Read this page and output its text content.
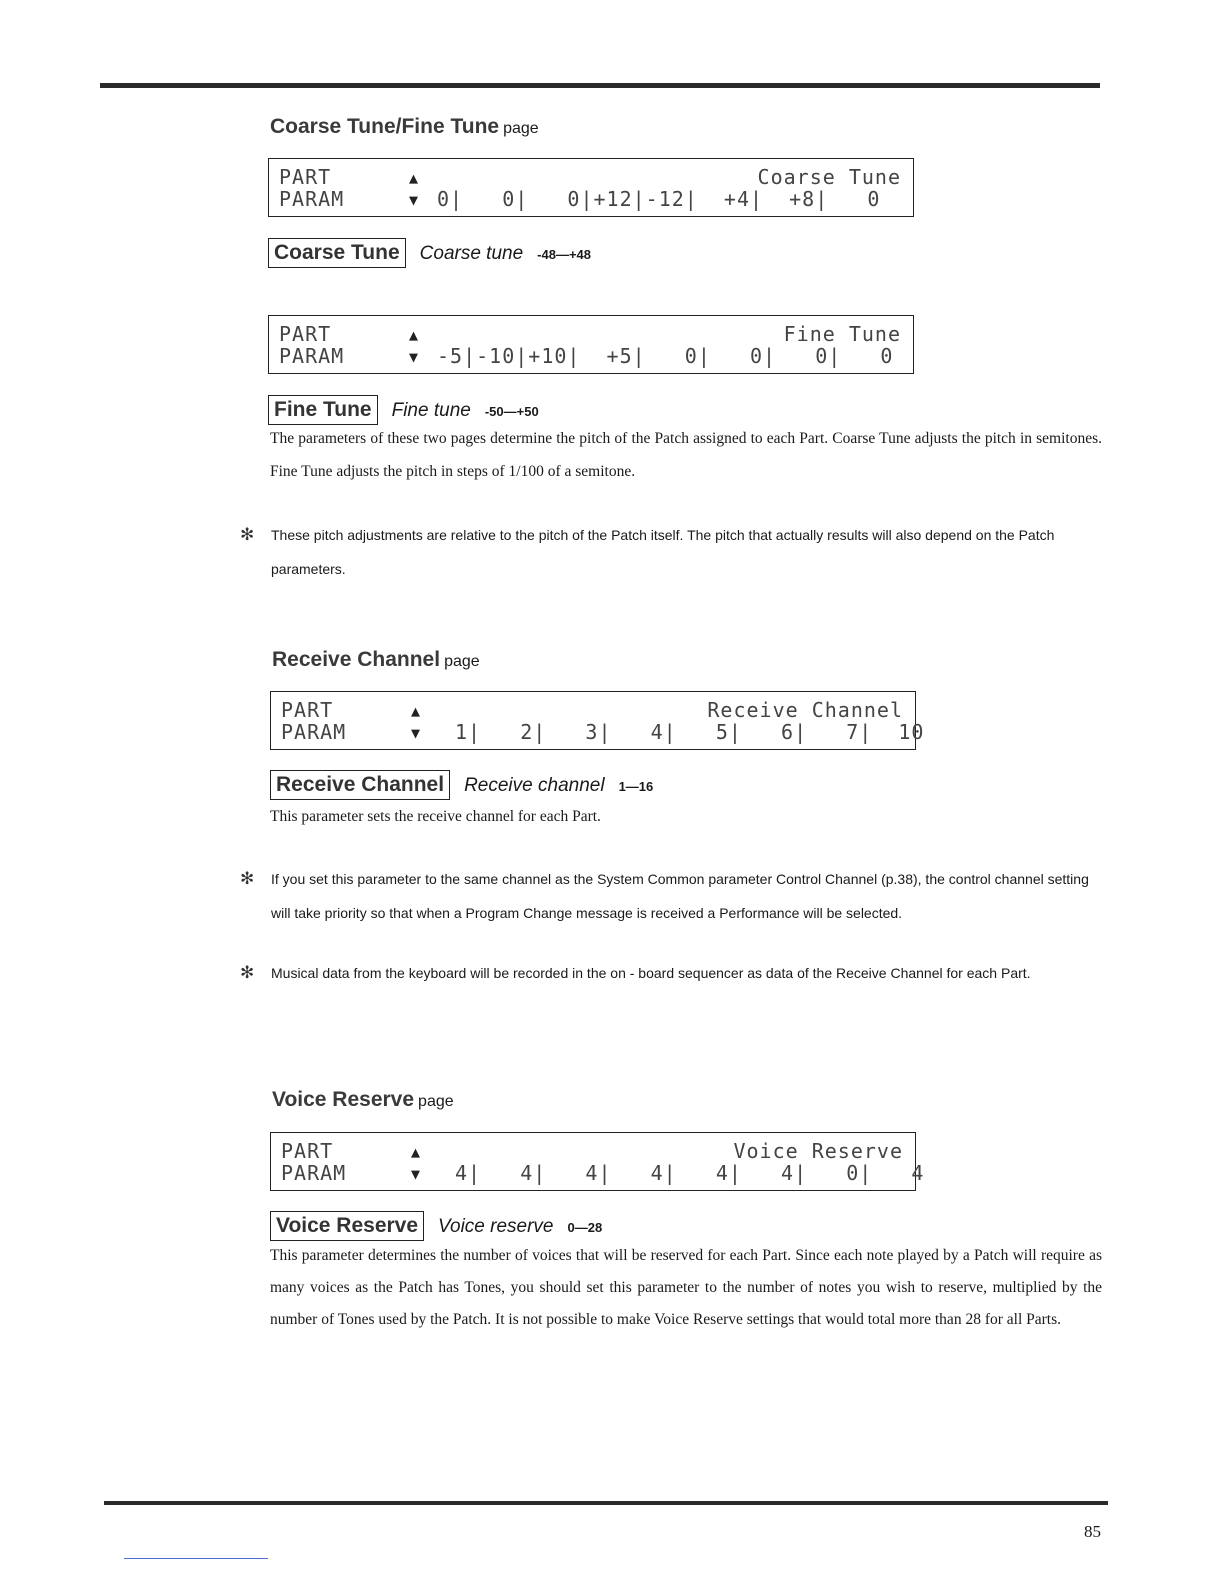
Coarse Tune/Fine Tune page
PART	▲	Coarse Tune
PARAM	▼ 0|   0|   0|+12|-12|  +4|  +8|   0
Coarse Tune	Coarse tune -48—+48
PART	▲	Fine Tune
PARAM	▼ -5|-10|+10|  +5|   0|   0|   0|   0
Fine Tune	Fine tune -50—+50
The parameters of these two pages determine the pitch of the Patch assigned to each Part. Coarse Tune adjusts the pitch in semitones. Fine Tune adjusts the pitch in steps of 1/100 of a semitone.
✻ These pitch adjustments are relative to the pitch of the Patch itself. The pitch that actually results will also depend on the Patch parameters.
Receive Channel page
PART	▲	Receive Channel
PARAM	▼ 1|   2|   3|   4|   5|   6|   7|  10
Receive Channel	Receive channel 1—16
This parameter sets the receive channel for each Part.
✻ If you set this parameter to the same channel as the System Common parameter Control Channel (p.38), the control channel setting will take priority so that when a Program Change message is received a Performance will be selected.
✻ Musical data from the keyboard will be recorded in the on - board sequencer as data of the Receive Channel for each Part.
Voice Reserve page
PART	▲	Voice Reserve
PARAM	▼ 4|   4|   4|   4|   4|   4|   0|   4
Voice Reserve	Voice reserve 0—28
This parameter determines the number of voices that will be reserved for each Part. Since each note played by a Patch will require as many voices as the Patch has Tones, you should set this parameter to the number of notes you wish to reserve, multiplied by the number of Tones used by the Patch. It is not possible to make Voice Reserve settings that would total more than 28 for all Parts.
85
